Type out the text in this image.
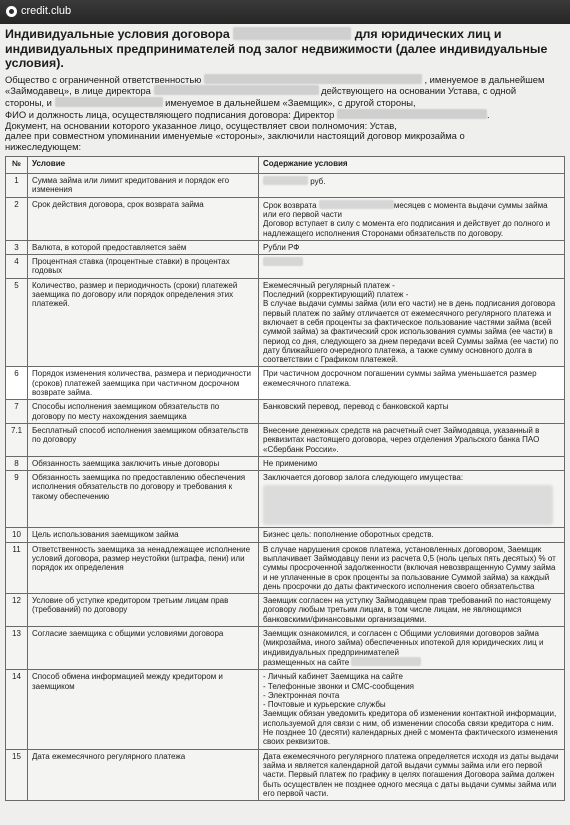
credit.club
Индивидуальные условия договора	для юридических лиц и
индивидуальных предпринимателей под залог недвижимости (далее индивидуальные
условия).

Общество с ограниченной ответственностью	, именуемое в дальнейшем

«Займодавец», в лице директора	действующего на основании Устава, с одной

стороны, и	именуемое в дальнейшем «Заемщик», с другой стороны,

ФИО и должность лица, осуществляющего подписания договора: Директор	.

Документ, на основании которого указанное лицо, осуществляет свои полномочия: Устав,

далее при совместном упоминании именуемые «стороны», заключили настоящий договор микрозайма о

нижеследующем:

№	Условие	Содержание условия
1	Сумма займа или лимит кредитования и порядок его изменения	руб.
2	Срок действия договора, срок возврата займа	Срок возврата месяцев с момента выдачи суммы займа или его первой части
Договор вступает в силу с момента его подписания и действует до полного и надлежащего исполнения Сторонами обязательств по договору.
3	Валюта, в которой предоставляется заём	Рубли РФ
4	Процентная ставка (процентные ставки) в процентах годовых	
5	Количество, размер и периодичность (сроки) платежей заемщика по договору или порядок определения этих платежей.	Ежемесячный регулярный платеж -
Последний (корректирующий) платеж -
В случае выдачи суммы займа (или его части) не в день подписания договора первый платеж по займу отличается от ежемесячного регулярного платежа и включает в себя проценты за фактическое пользование частями займа (всей суммой займа) за фактический срок использования суммы займа (ее части) в период со дня, следующего за днем передачи всей Суммы займа (ее части) по дату ближайшего очередного платежа, а также сумму основного долга в соответствии с Графиком платежей.
6	Порядок изменения количества, размера и периодичности (сроков) платежей заемщика при частичном досрочном возврате займа.	При частичном досрочном погашении суммы займа уменьшается размер ежемесячного платежа.
7	Способы исполнения заемщиком обязательств по договору по месту нахождения заемщика	Банковский перевод, перевод с банковской карты
7.1	Бесплатный способ исполнения заемщиком обязательств по договору	Внесение денежных средств на расчетный счет Займодавца, указанный в реквизитах настоящего договора, через отделения Уральского банка ПАО «Сбербанк России».
8	Обязанность заемщика заключить иные договоры	Не применимо
9	Обязанность заемщика по предоставлению обеспечения исполнения обязательств по договору и требования к такому обеспечению	Заключается договор залога следующего имущества:

10	Цель использования заемщиком займа	Бизнес цель: пополнение оборотных средств.
11	Ответственность заемщика за ненадлежащее исполнение условий договора, размер неустойки (штрафа, пени) или порядок их определения	В случае нарушения сроков платежа, установленных договором, Заемщик выплачивает Займодавцу пени из расчета 0,5 (ноль целых пять десятых) % от суммы просроченной задолженности (включая невозвращенную Сумму займа и не уплаченные в срок проценты за пользование Суммой займа) за каждый день просрочки до даты фактического исполнения своего обязательства
12	Условие об уступке кредитором третьим лицам прав (требований) по договору	Заемщик согласен на уступку Займодавцем прав требований по настоящему договору любым третьим лицам, в том числе лицам, не являющимся банковскими/финансовыми организациями.
13	Согласие заемщика с общими условиями договора	Заемщик ознакомился, и согласен с Общими условиями договоров займа (микрозайма, иного займа) обеспеченных ипотекой для юридических лиц и индивидуальных предпринимателей
размещенных на сайте
14	Способ обмена информацией между кредитором и заемщиком	- Личный кабинет Заемщика на сайте
- Телефонные звонки и СМС-сообщения
- Электронная почта
- Почтовые и курьерские службы
Заемщик обязан уведомить кредитора об изменении контактной информации, используемой для связи с ним, об изменении способа связи кредитора с ним. Не позднее 10 (десяти) календарных дней с момента фактического изменения своих реквизитов.
15	Дата ежемесячного регулярного платежа	Дата ежемесячного регулярного платежа определяется исходя из даты выдачи займа и является календарной датой выдачи суммы займа или его первой части. Первый платеж по графику в целях погашения Договора займа должен быть осуществлен не позднее одного месяца с даты выдачи суммы займа или его первой части.
